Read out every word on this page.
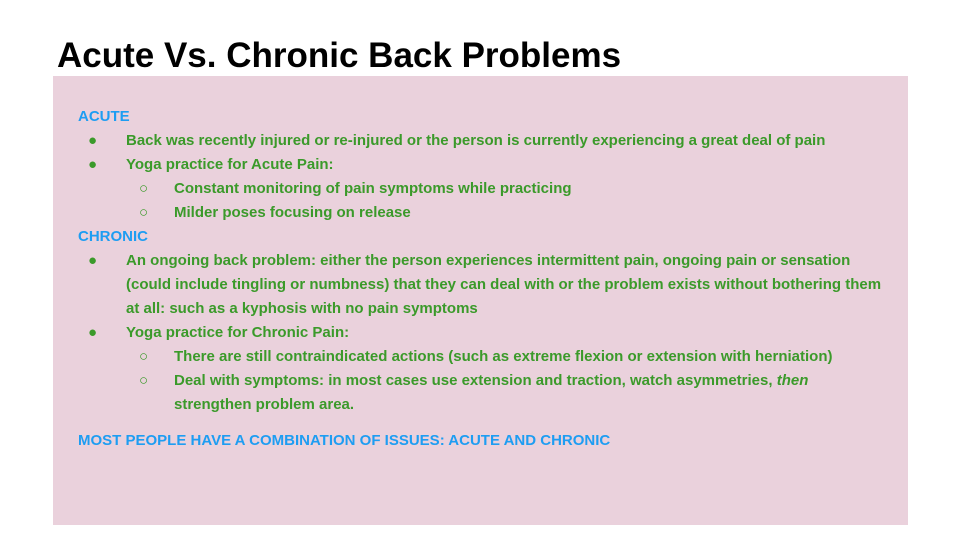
Acute Vs. Chronic Back Problems
ACUTE
● Back was recently injured or re-injured or the person is currently experiencing a great deal of pain
● Yoga practice for Acute Pain:
○ Constant monitoring of pain symptoms while practicing
○ Milder poses focusing on release
CHRONIC
● An ongoing back problem: either the person experiences intermittent pain, ongoing pain or sensation (could include tingling or numbness) that they can deal with or the problem exists without bothering them at all: such as a kyphosis with no pain symptoms
● Yoga practice for Chronic Pain:
○ There are still contraindicated actions (such as extreme flexion or extension with herniation)
○ Deal with symptoms: in most cases use extension and traction, watch asymmetries, then strengthen problem area.
MOST PEOPLE HAVE A COMBINATION OF ISSUES: ACUTE AND CHRONIC
